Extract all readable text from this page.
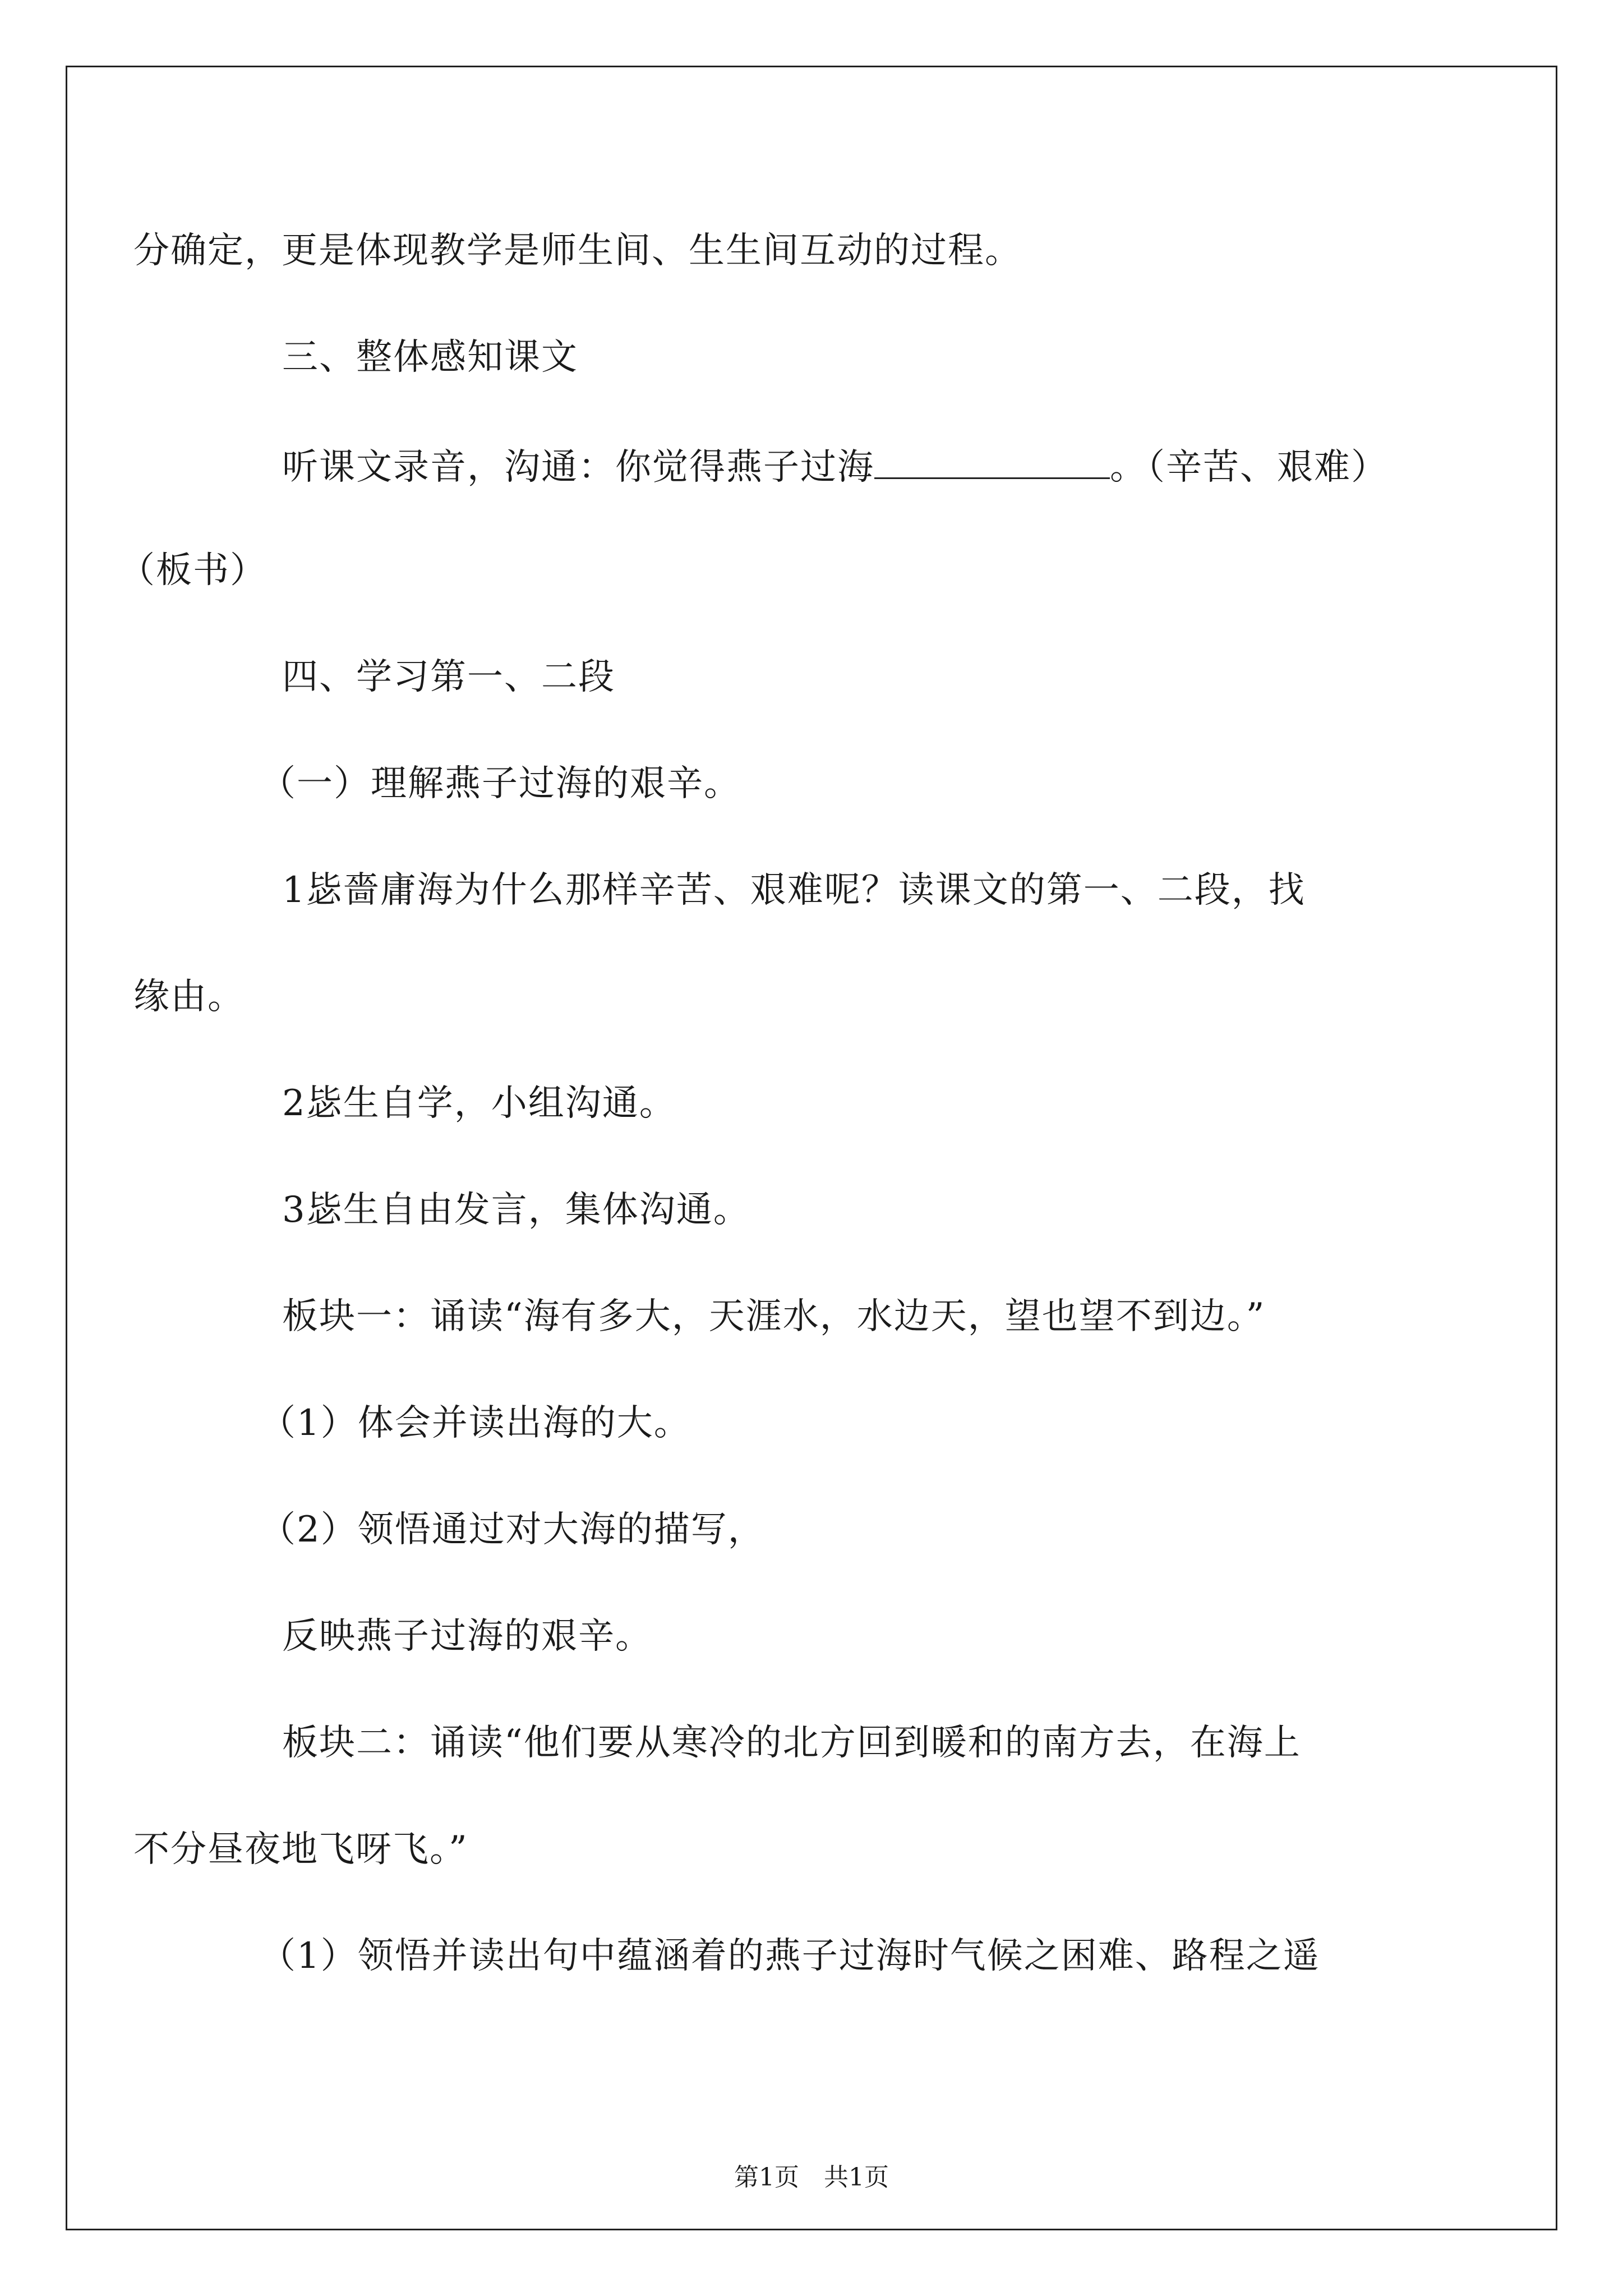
分确定，更是体现教学是师生间、生生间互动的过程。
三、整体感知课文
听课文录音，沟通：你觉得燕子过海	。（辛苦、艰难）
（板书）
四、学习第一、二段
（一）理解燕子过海的艰辛。
1毖嗇庸海为什么那样辛苦、艰难呢？读课文的第一、二段，找
缘由。
2毖生自学，小组沟通。
3毖生自由发言，集体沟通。
板块一：诵读“海有多大，天涯水，水边天，望也望不到边。”
（1）体会并读出海的大。
（2）领悟通过对大海的描写，
反映燕子过海的艰辛。
板块二：诵读“他们要从寒冷的北方回到暖和的南方去，在海上
不分昼夜地飞呀飞。”
（1）领悟并读出句中蕴涵着的燕子过海时气候之困难、路程之遥
第1页　共1页
